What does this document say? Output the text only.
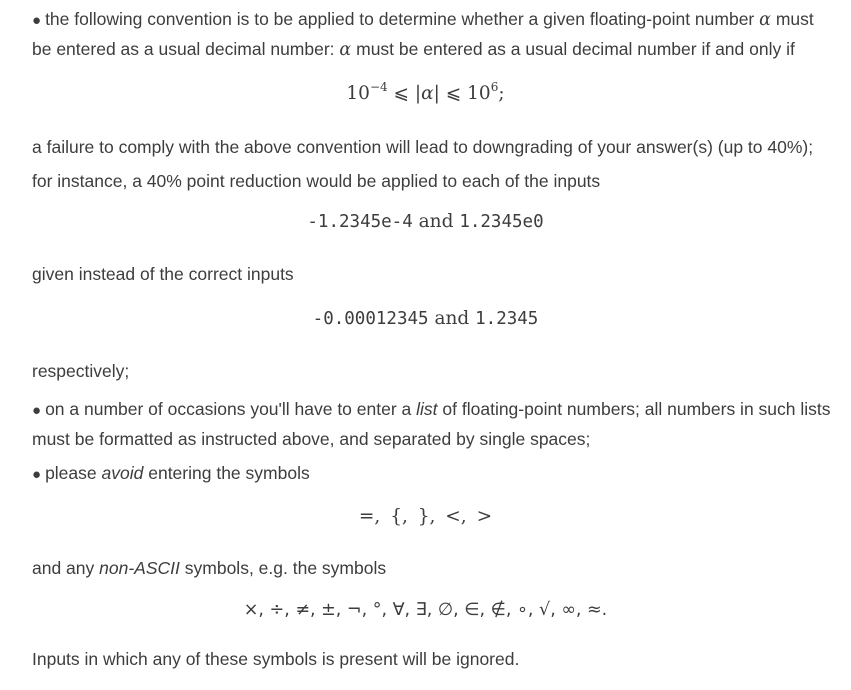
● the following convention is to be applied to determine whether a given floating-point number α must be entered as a usual decimal number: α must be entered as a usual decimal number if and only if

$10^{-4}$ ⩽ |α| ⩽ $10^6$;

a failure to comply with the above convention will lead to downgrading of your answer(s) (up to 40%);
for instance, a 40% point reduction would be applied to each of the inputs

-1.2345e-4 and 1.2345e0

given instead of the correct inputs

-0.00012345 and 1.2345

respectively;

● on a number of occasions you'll have to enter a list of floating-point numbers; all numbers in such lists must be formatted as instructed above, and separated by single spaces;

● please avoid entering the symbols

=, {, }, <, >

and any non-ASCII symbols, e.g. the symbols

×, ÷, ≠, ±, ¬, °, ∀, ∃, ∅, ∈, ∉, ∘, √, ∞, ≈.

Inputs in which any of these symbols is present will be ignored.
